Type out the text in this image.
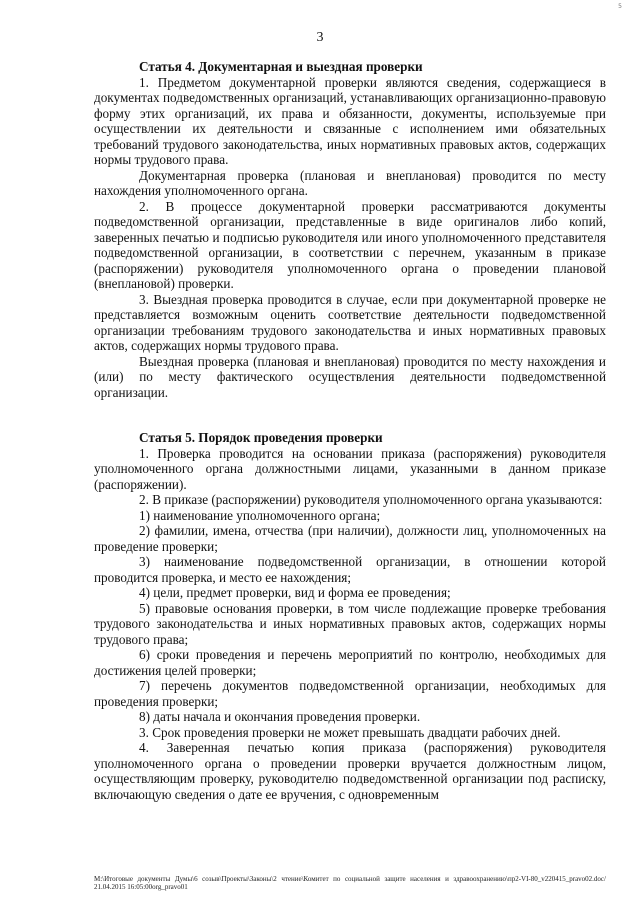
5
3
Статья 4. Документарная и выездная проверки

1. Предметом документарной проверки являются сведения, содержащиеся в документах подведомственных организаций, устанавливающих организационно-правовую форму этих организаций, их права и обязанности, документы, используемые при осуществлении их деятельности и связанные с исполнением ими обязательных требований трудового законодательства, иных нормативных правовых актов, содержащих нормы трудового права.

Документарная проверка (плановая и внеплановая) проводится по месту нахождения уполномоченного органа.

2. В процессе документарной проверки рассматриваются документы подведомственной организации, представленные в виде оригиналов либо копий, заверенных печатью и подписью руководителя или иного уполномоченного представителя подведомственной организации, в соответствии с перечнем, указанным в приказе (распоряжении) руководителя уполномоченного органа о проведении плановой (внеплановой) проверки.

3. Выездная проверка проводится в случае, если при документарной проверке не представляется возможным оценить соответствие деятельности подведомственной организации требованиям трудового законодательства и иных нормативных правовых актов, содержащих нормы трудового права.

Выездная проверка (плановая и внеплановая) проводится по месту нахождения и (или) по месту фактического осуществления деятельности подведомственной организации.

Статья 5. Порядок проведения проверки

1. Проверка проводится на основании приказа (распоряжения) руководителя уполномоченного органа должностными лицами, указанными в данном приказе (распоряжении).

2. В приказе (распоряжении) руководителя уполномоченного органа указываются:

1) наименование уполномоченного органа;

2) фамилии, имена, отчества (при наличии), должности лиц, уполномоченных на проведение проверки;

3) наименование подведомственной организации, в отношении которой проводится проверка, и место ее нахождения;

4) цели, предмет проверки, вид и форма ее проведения;

5) правовые основания проверки, в том числе подлежащие проверке требования трудового законодательства и иных нормативных правовых актов, содержащих нормы трудового права;

6) сроки проведения и перечень мероприятий по контролю, необходимых для достижения целей проверки;

7) перечень документов подведомственной организации, необходимых для проведения проверки;

8) даты начала и окончания проведения проверки.

3. Срок проведения проверки не может превышать двадцати рабочих дней.

4. Заверенная печатью копия приказа (распоряжения) руководителя уполномоченного органа о проведении проверки вручается должностным лицом, осуществляющим проверку, руководителю подведомственной организации под расписку, включающую сведения о дате ее вручения, с одновременным

M:\Итоговые документы Думы\6 созыв\Проекты\Законы\2 чтение\Комитет по социальной защите населения и здравоохранению\пр2-VI-80_v220415_pravo02.doc/ 21.04.2015 16:05:00org_pravo01
